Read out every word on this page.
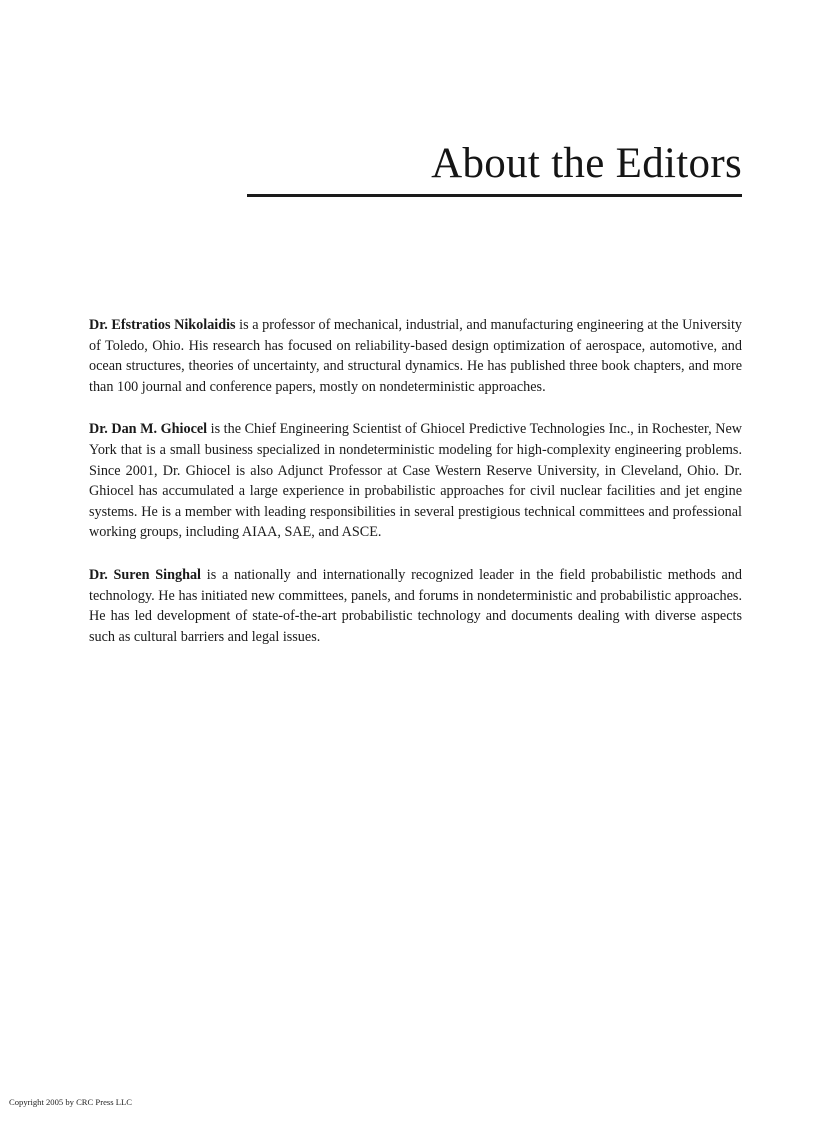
About the Editors

Dr. Efstratios Nikolaidis is a professor of mechanical, industrial, and manufacturing engineering at the University of Toledo, Ohio. His research has focused on reliability-based design optimization of aerospace, automotive, and ocean structures, theories of uncertainty, and structural dynamics. He has published three book chapters, and more than 100 journal and conference papers, mostly on nondeterministic approaches.

Dr. Dan M. Ghiocel is the Chief Engineering Scientist of Ghiocel Predictive Technologies Inc., in Rochester, New York that is a small business specialized in nondeterministic modeling for high-complexity engineering problems. Since 2001, Dr. Ghiocel is also Adjunct Professor at Case Western Reserve University, in Cleveland, Ohio. Dr. Ghiocel has accumulated a large experience in probabilistic approaches for civil nuclear facilities and jet engine systems. He is a member with leading responsibilities in several prestigious technical committees and professional working groups, including AIAA, SAE, and ASCE.

Dr. Suren Singhal is a nationally and internationally recognized leader in the field probabilistic methods and technology. He has initiated new committees, panels, and forums in nondeterministic and probabilistic approaches. He has led development of state-of-the-art probabilistic technology and documents dealing with diverse aspects such as cultural barriers and legal issues.

Copyright 2005 by CRC Press LLC
